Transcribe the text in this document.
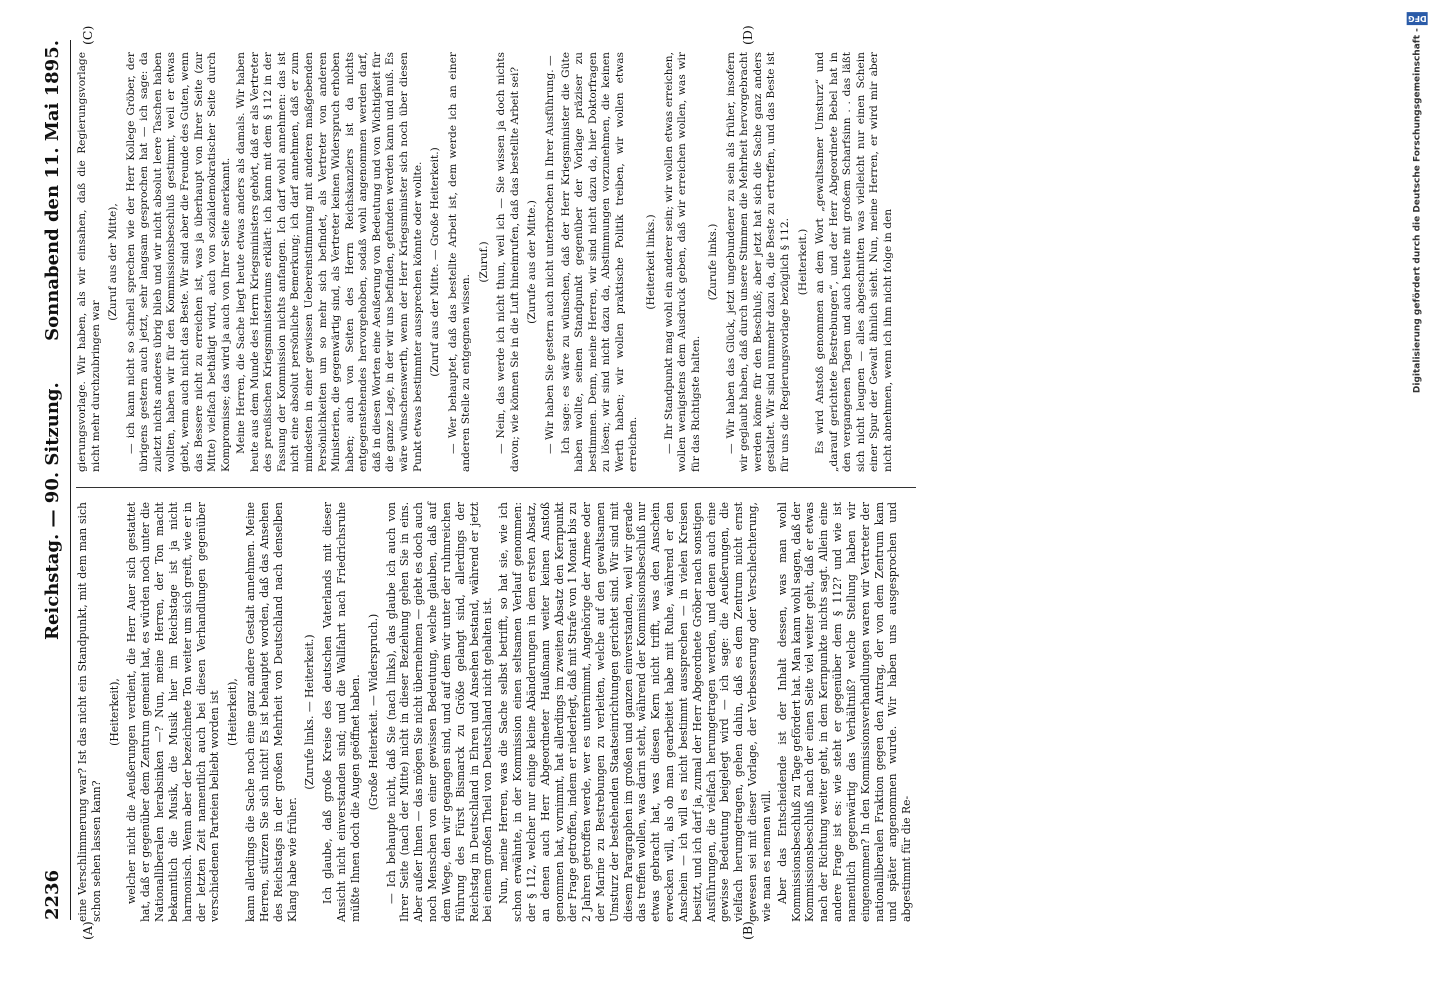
2236
Reichstag. — 90. Sitzung.
Sonnabend den 11. Mai 1895.
(A)	(B)
(C)	(D)

eine Verschlimmerung war? Ist das nicht ein Standpunkt, mit dem man sich schon sehen lassen kann?

(Heiterkeit), welcher nicht die Aeußerungen verdient, die Herr Auer sich gestattet hat, daß er gegenüber dem Zentrum gemeint hat, es würden noch unter die Nationalliberalen herabsinken —? Nun, meine Herren, der Ton macht bekanntlich die Musik, die Musik hier im Reichstage ist ja nicht harmonisch. Wenn aber der bezeichnete Ton weiter um sich greift, wie er in der letzten Zeit namentlich auch bei diesen Verhandlungen gegenüber verschiedenen Parteien beliebt worden ist (Heiterkeit), kann allerdings die Sache noch eine ganz andere Gestalt annehmen. Meine Herren, stürzen Sie sich nicht! Es ist behauptet worden, daß das Ansehen des Reichstags in der großen Mehrheit von Deutschland nach denselben Klang habe wie früher.

(Zurufe links. — Heiterkeit.) Ich glaube, daß große Kreise des deutschen Vaterlands mit dieser Ansicht nicht einverstanden sind; und die Wallfahrt nach Friedrichsruhe müßte Ihnen doch die Augen geöffnet haben. (Große Heiterkeit. — Widerspruch.) — Ich behaupte nicht, daß Sie (nach links), das glaube ich auch von Ihrer Seite (nach der Mitte) nicht in dieser Beziehung gehen Sie in eins. Aber außer Ihnen — das mögen Sie nicht übernehmen — giebt es doch auch noch Menschen von einer gewissen Bedeutung, welche glauben, daß auf dem Wege, den wir gegangen sind, und auf dem wir unter der ruhmreichen Führung des Fürst Bismarck zu Größe gelangt sind, allerdings der Reichstag in Deutschland in Ehren und Ansehen bestand, während er jetzt bei einem großen Theil von Deutschland nicht gehalten ist. Nun, meine Herren, was die Sache selbst betrifft, so hat sie, wie ich schon erwähnte, in der Kommission einen seltsamen Verlauf genommen: der § 112, welcher nur einige kleine Abänderungen in dem ersten Absatz, an denen auch Herr Abgeordneter Haußmann weiter keinen Anstoß genommen hat, vornimmt, hat allerdings im zweiten Absatz den Kernpunkt der Frage getroffen, indem er niederlegt, daß mit Strafe von 1 Monat bis zu 2 Jahren getroffen werde, wer es unternimmt, Angehörige der Armee oder der Marine zu Bestrebungen zu verleiten, welche auf den gewaltsamen Umsturz der bestehenden Staatseinrichtungen gerichtet sind. Wir sind mit diesem Paragraphen im großen und ganzen einverstanden, weil wir gerade das treffen wollen, was darin steht, während der Kommissionsbeschluß nur etwas gebracht hat, was diesen Kern nicht trifft, was den Anschein erwecken will, als ob man gearbeitet habe mit Ruhe, während er den Anschein — ich will es nicht bestimmt aussprechen — in vielen Kreisen besitzt, und ich darf ja, zumal der Herr Abgeordnete Gröber nach sonstigen Ausführungen, die vielfach herumgetragen werden, und denen auch eine gewisse Bedeutung beigelegt wird — ich sage: die Aeußerungen, die vielfach herumgetragen, gehen dahin, daß es dem Zentrum nicht ernst gewesen sei mit dieser Vorlage, der Verbesserung oder Verschlechterung, wie man es nennen will. Aber das Entscheidende ist der Inhalt dessen, was man wohl Kommissionsbeschluß zu Tage gefördert hat. Man kann wohl sagen, daß der Kommissionsbeschluß nach der einen Seite viel weiter geht, daß er etwas nach der Richtung weiter geht, in dem Kernpunkte nichts sagt. Allein eine andere Frage ist es: wie steht er gegenüber dem § 112? und wie ist namentlich gegenwärtig das Verhältniß? welche Stellung haben wir eingenommen? In den Kommissionsverhandlungen waren wir Vertreter der nationalliberalen Fraktion gegen den Antrag, der von dem Zentrum kam und später angenommen wurde. Wir haben uns ausgesprochen und abgestimmt für die Re-

gierungsvorlage. Wir haben, als wir einsahen, daß die Regierungsvorlage nicht mehr durchzubringen war

(Zuruf aus der Mitte), — ich kann nicht so schnell sprechen wie der Herr Kollege Gröber, der übrigens gestern auch jetzt, sehr langsam gesprochen hat — ich sage: da zuletzt nichts anderes übrig blieb und wir nicht absolut leere Taschen haben wollten, haben wir für den Kommissionsbeschluß gestimmt, weil er etwas giebt, wenn auch nicht das Beste. Wir sind aber die Freunde des Guten, wenn das Bessere nicht zu erreichen ist, was ja überhaupt von Ihrer Seite (zur Mitte) vielfach bethätigt wird, auch von sozialdemokratischer Seite durch Kompromisse; das wird ja auch von Ihrer Seite anerkannt. Meine Herren, die Sache liegt heute etwas anders als damals. Wir haben heute aus dem Munde des Herrn Kriegsministers gehört, daß er als Vertreter des preußischen Kriegsministeriums erklärt: ich kann mit dem § 112 in der Fassung der Kommission nichts anfangen. Ich darf wohl annehmen: das ist nicht eine absolut persönliche Bemerkung; ich darf annehmen, daß er zum mindesten in einer gewissen Uebereinstimmung mit anderen maßgebenden Persönlichkeiten um so mehr sich befindet, als Vertreter von anderen Ministerien, die gegenwärtig sind, als Vertreter keinen Widerspruch erhoben haben; auch von Seiten des Herrn Reichskanzlers ist da nichts entgegenstehendes hervorgehoben, sodaß wohl angenommen werden darf, daß in diesen Worten eine Aeußerung von Bedeutung und von Wichtigkeit für die ganze Lage, in der wir uns befinden, gefunden werden kann und muß. Es wäre wünschenswerth, wenn der Herr Kriegsminister sich noch über diesen Punkt etwas bestimmter aussprechen könnte oder wollte. (Zuruf aus der Mitte. — Große Heiterkeit.) — Wer behauptet, daß das bestellte Arbeit ist, dem werde ich an einer anderen Stelle zu entgegnen wissen.

(Zuruf.) — Nein, das werde ich nicht thun, weil ich — Sie wissen ja doch nichts davon; wie können Sie in die Luft hineinrufen, daß das bestellte Arbeit sei? (Zurufe aus der Mitte.) — Wir haben Sie gestern auch nicht unterbrochen in Ihrer Ausführung. — Ich sage: es wäre zu wünschen, daß der Herr Kriegsminister die Güte haben wollte, seinen Standpunkt gegenüber der Vorlage präziser zu bestimmen. Denn, meine Herren, wir sind nicht dazu da, hier Doktorfragen zu lösen; wir sind nicht dazu da, Abstimmungen vorzunehmen, die keinen Werth haben; wir wollen praktische Politik treiben, wir wollen etwas erreichen.

(Heiterkeit links.) — Ihr Standpunkt mag wohl ein anderer sein; wir wollen etwas erreichen, wollen wenigstens dem Ausdruck geben, daß wir erreichen wollen, was wir für das Richtigste halten.

(Zurufe links.) — Wir haben das Glück, jetzt ungebundener zu sein als früher, insofern wir geglaubt haben, daß durch unsere Stimmen die Mehrheit hervorgebracht werden könne für den Beschluß; aber jetzt hat sich die Sache ganz anders gestaltet. Wir sind nunmehr dazu da, die Beste zu ertreffen, und das Beste ist für uns die Regierungsvorlage bezüglich § 112. (Heiterkeit.) Es wird Anstoß genommen an dem Wort „gewaltsamer Umsturz“ und „darauf gerichtete Bestrebungen“, und der Herr Abgeordnete Bebel hat in den vergangenen Tagen und auch heute mit großem Scharfsinn . . das läßt sich nicht leugnen — alles abgeschnitten was vielleicht nur einen Schein einer Spur der Gewalt ähnlich sieht. Nun, meine Herren, er wird mir aber nicht abnehmen, wenn ich ihm nicht folge in den	Digitalisierung gefördert durch die Deutsche Forschungsgemeinschaft - DFG
